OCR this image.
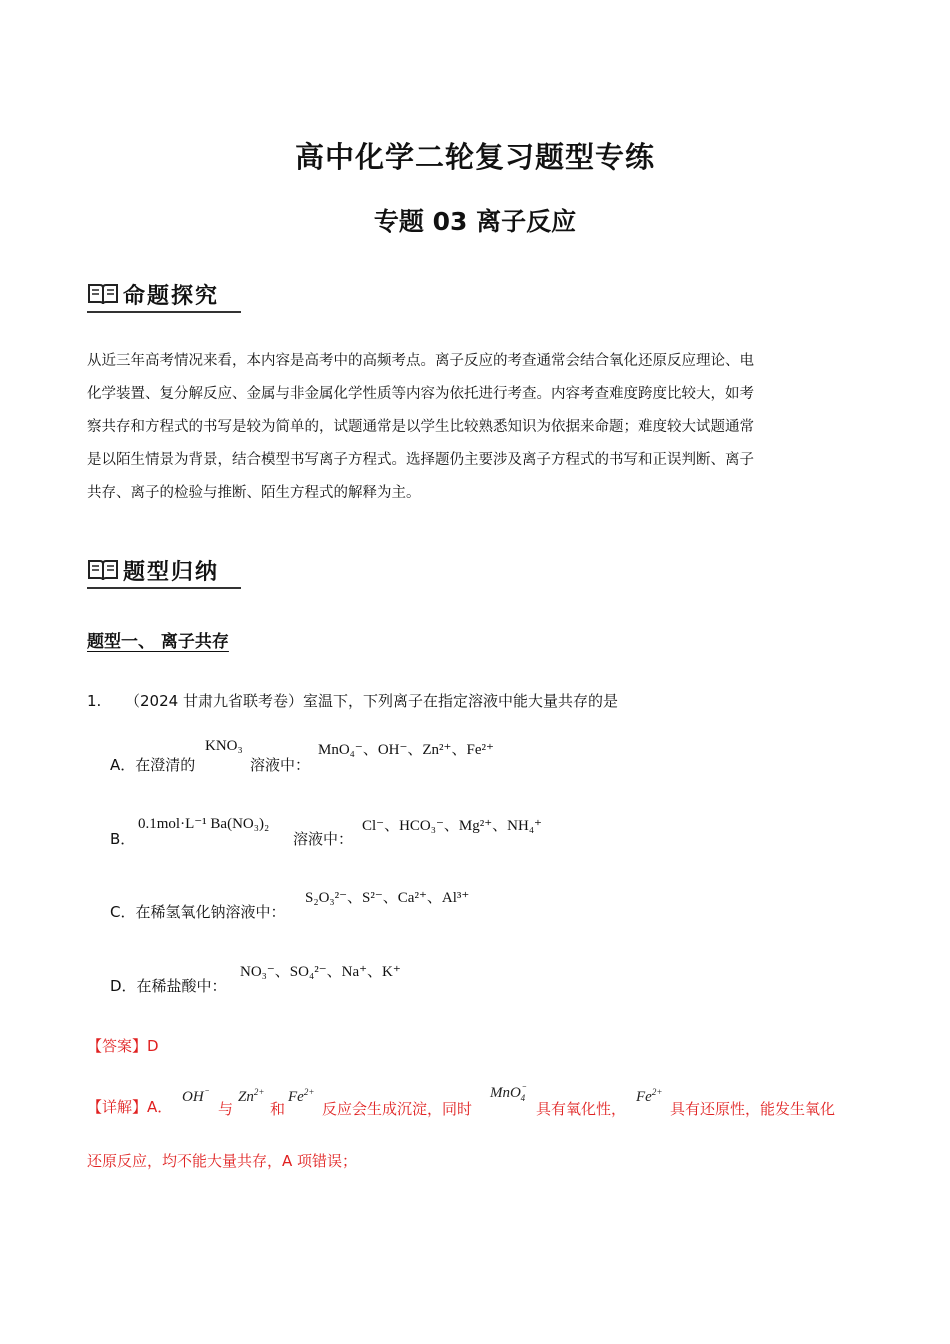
高中化学二轮复习题型专练
专题 03 离子反应
命题探究
从近三年高考情况来看，本内容是高考中的高频考点。离子反应的考查通常会结合氧化还原反应理论、电
化学装置、复分解反应、金属与非金属化学性质等内容为依托进行考查。内容考查难度跨度比较大，如考
察共存和方程式的书写是较为简单的，试题通常是以学生比较熟悉知识为依据来命题；难度较大试题通常
是以陌生情景为背景，结合模型书写离子方程式。选择题仍主要涉及离子方程式的书写和正误判断、离子
共存、离子的检验与推断、陌生方程式的解释为主。
题型归纳
题型一、 离子共存
1. （2024 甘肃九省联考卷）室温下，下列离子在指定溶液中能大量共存的是
A．在澄清的
KNO₃
溶液中：
MnO₄⁻、OH⁻、Zn²⁺、Fe²⁺
B．
0.1mol·L⁻¹ Ba(NO₃)₂
溶液中：
Cl⁻、HCO₃⁻、Mg²⁺、NH₄⁺
C．在稀氢氧化钠溶液中：
S₂O₃²⁻、S²⁻、Ca²⁺、Al³⁺
D．在稀盐酸中：
NO₃⁻、SO₄²⁻、Na⁺、K⁺
【答案】D
【详解】A．
OH⁻
与
$Zn^{2+}$
和
$Fe^{2+}$
反应会生成沉淀，同时
MnO⁻$_4$
具有氧化性，
$Fe^{2+}$
具有还原性，能发生氧化
还原反应，均不能大量共存，A 项错误；
